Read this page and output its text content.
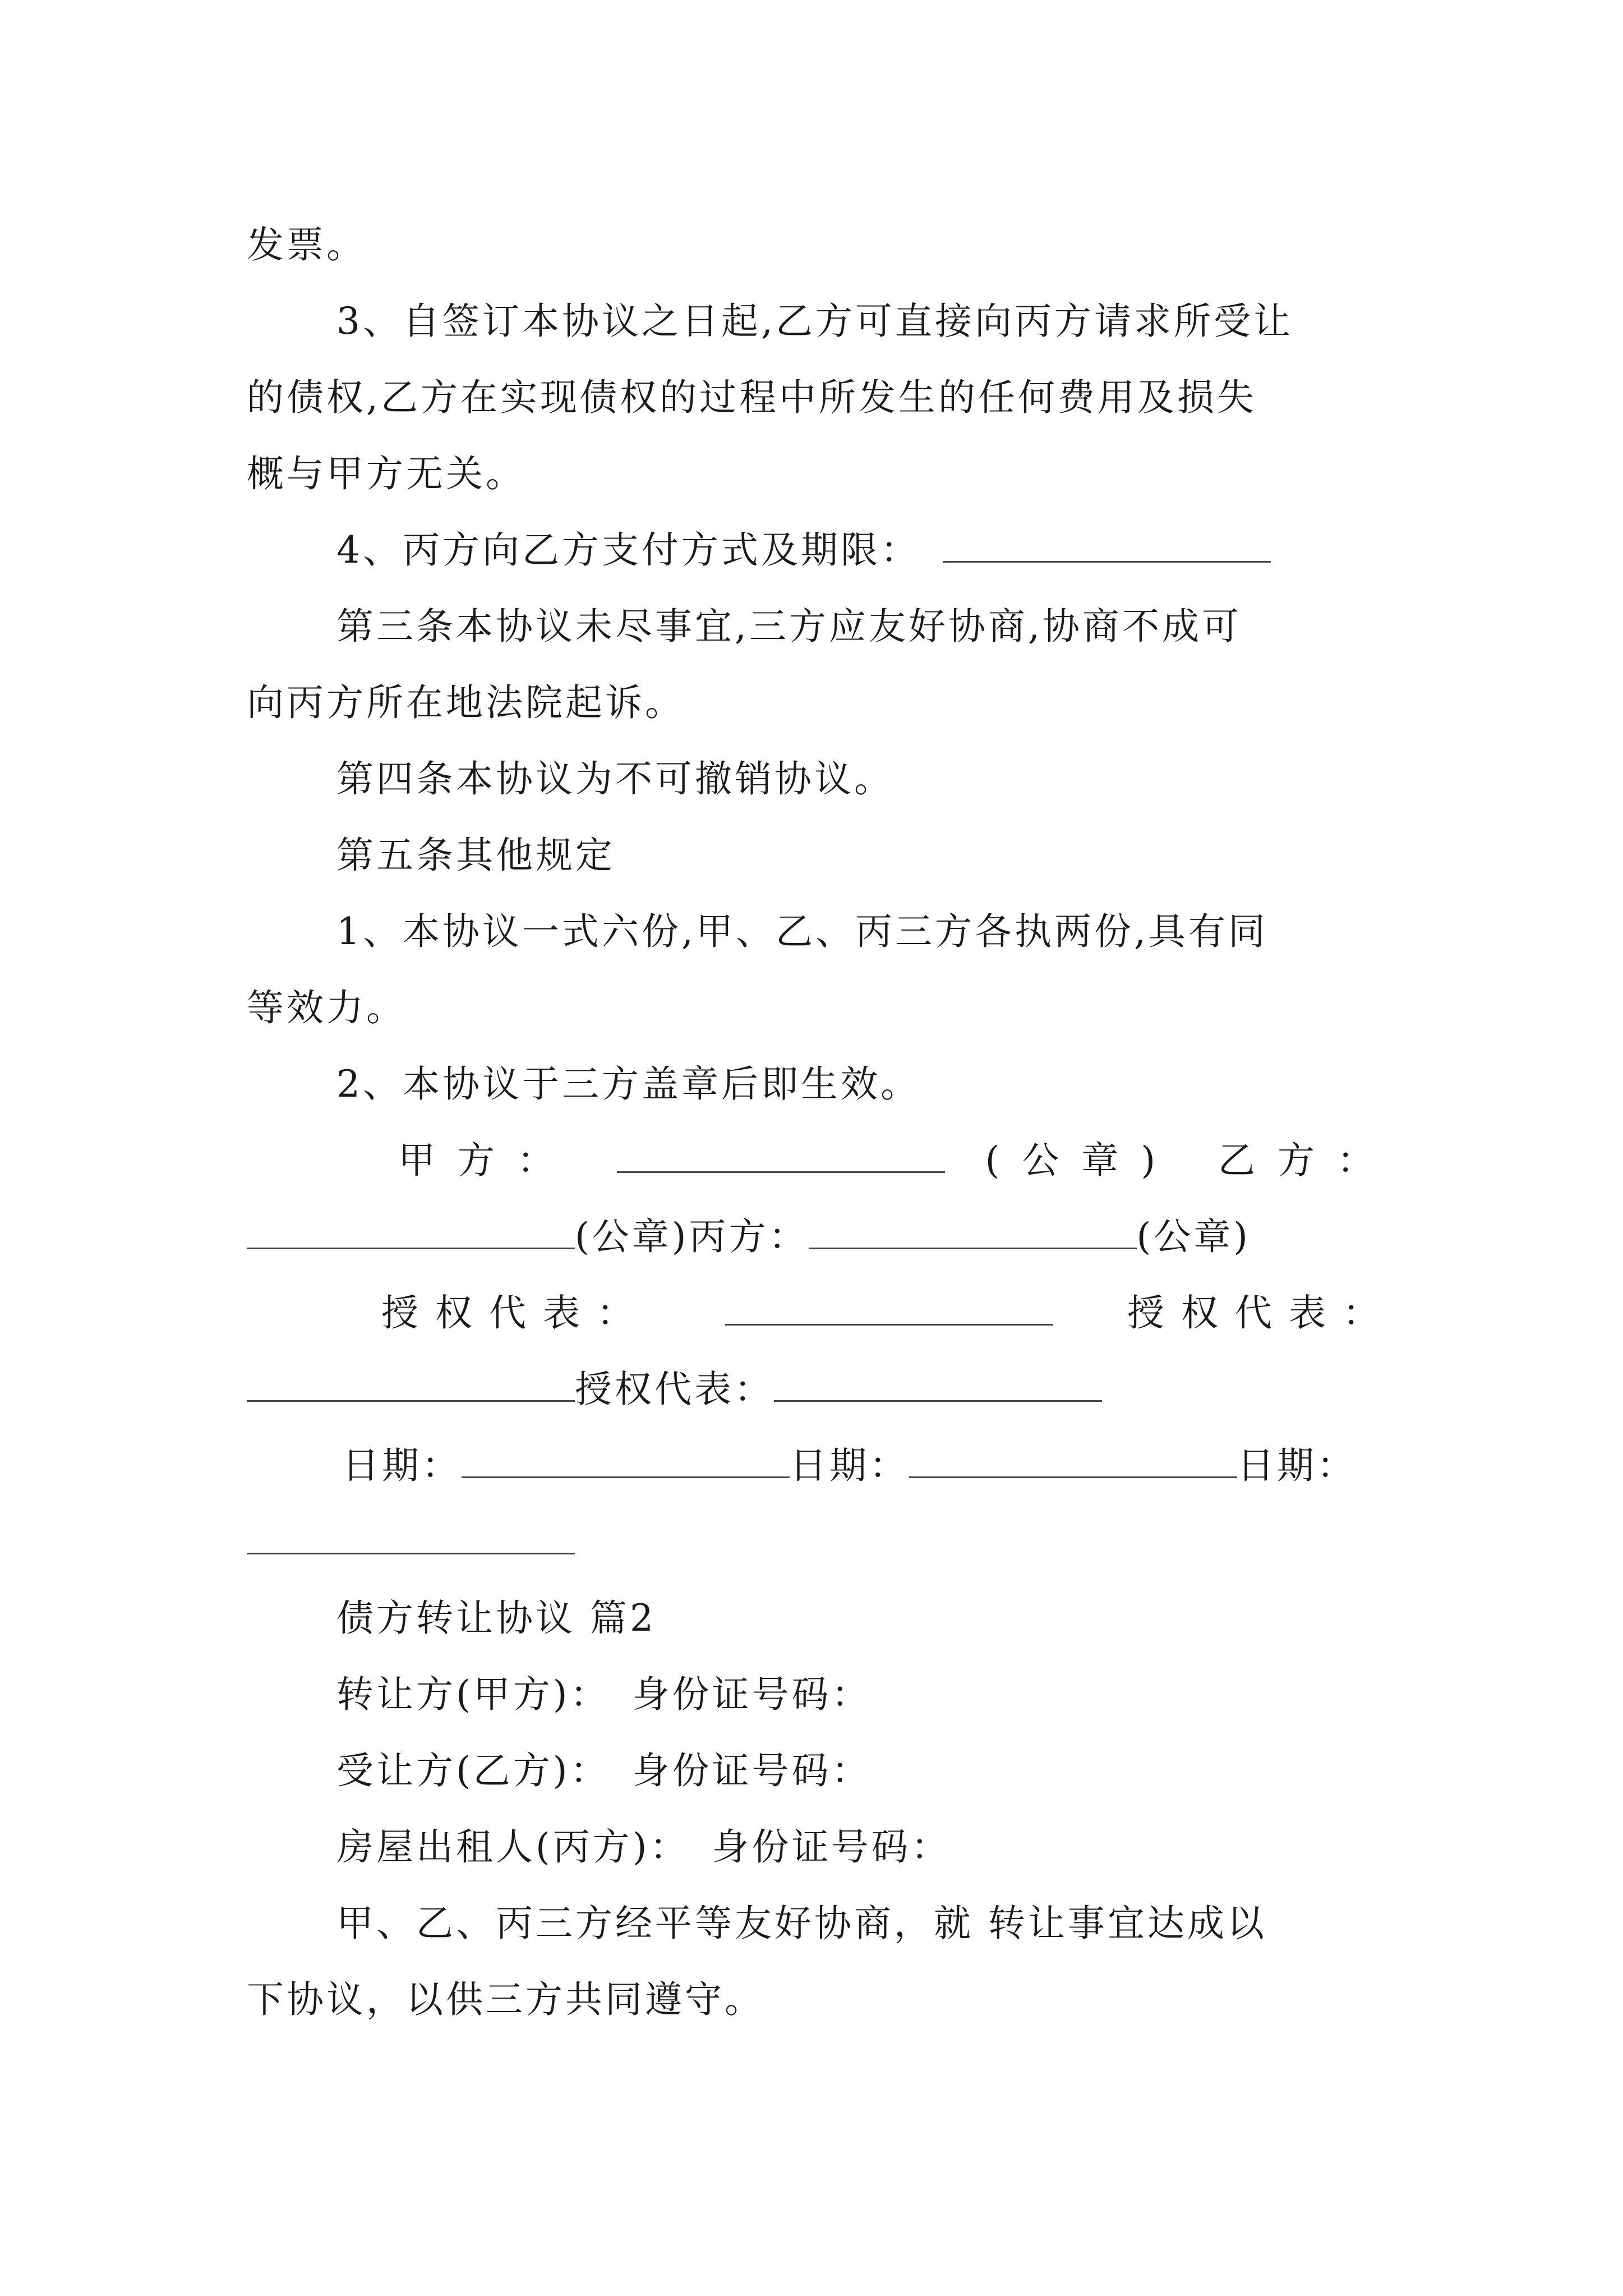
发票。
3、自签订本协议之日起,乙方可直接向丙方请求所受让
的债权,乙方在实现债权的过程中所发生的任何费用及损失
概与甲方无关。
4、丙方向乙方支付方式及期限：
第三条本协议未尽事宜,三方应友好协商,协商不成可
向丙方所在地法院起诉。
第四条本协议为不可撤销协议。
第五条其他规定
1、本协议一式六份,甲、乙、丙三方各执两份,具有同
等效力。
2、本协议于三方盖章后即生效。
甲方：	(公章) 乙方：
(公章)丙方：	(公章)
授权代表：	授权代表：
授权代表：
日期：	日期：	日期：
债方转让协议 篇2
转让方(甲方)： 身份证号码：
受让方(乙方)： 身份证号码：
房屋出租人(丙方)： 身份证号码：
甲、乙、丙三方经平等友好协商，就 转让事宜达成以
下协议，以供三方共同遵守。
